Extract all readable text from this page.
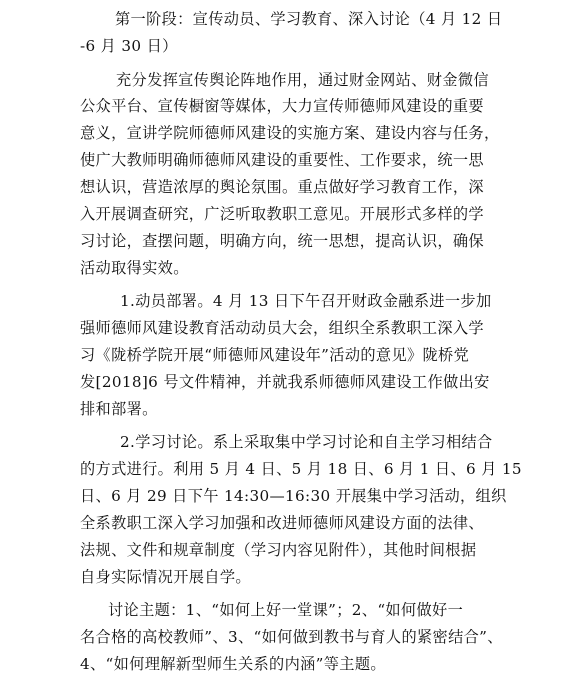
第一阶段：宣传动员、学习教育、深入讨论（4 月 12 日
-6 月 30 日）
充分发挥宣传舆论阵地作用，通过财金网站、财金微信
公众平台、宣传橱窗等媒体，大力宣传师德师风建设的重要
意义，宣讲学院师德师风建设的实施方案、建设内容与任务，
使广大教师明确师德师风建设的重要性、工作要求，统一思
想认识，营造浓厚的舆论氛围。重点做好学习教育工作，深
入开展调查研究，广泛听取教职工意见。开展形式多样的学
习讨论，查摆问题，明确方向，统一思想，提高认识，确保
活动取得实效。
1.动员部署。4 月 13 日下午召开财政金融系进一步加
强师德师风建设教育活动动员大会，组织全系教职工深入学
习《陇桥学院开展“师德师风建设年”活动的意见》陇桥党
发[2018]6 号文件精神，并就我系师德师风建设工作做出安
排和部署。
2.学习讨论。系上采取集中学习讨论和自主学习相结合
的方式进行。利用 5 月 4 日、5 月 18 日、6 月 1 日、6 月 15
日、6 月 29 日下午 14:30—16:30 开展集中学习活动，组织
全系教职工深入学习加强和改进师德师风建设方面的法律、
法规、文件和规章制度（学习内容见附件），其他时间根据
自身实际情况开展自学。
讨论主题：1、“如何上好一堂课”；2、“如何做好一
名合格的高校教师”、3、“如何做到教书与育人的紧密结合”、
4、“如何理解新型师生关系的内涵”等主题。
